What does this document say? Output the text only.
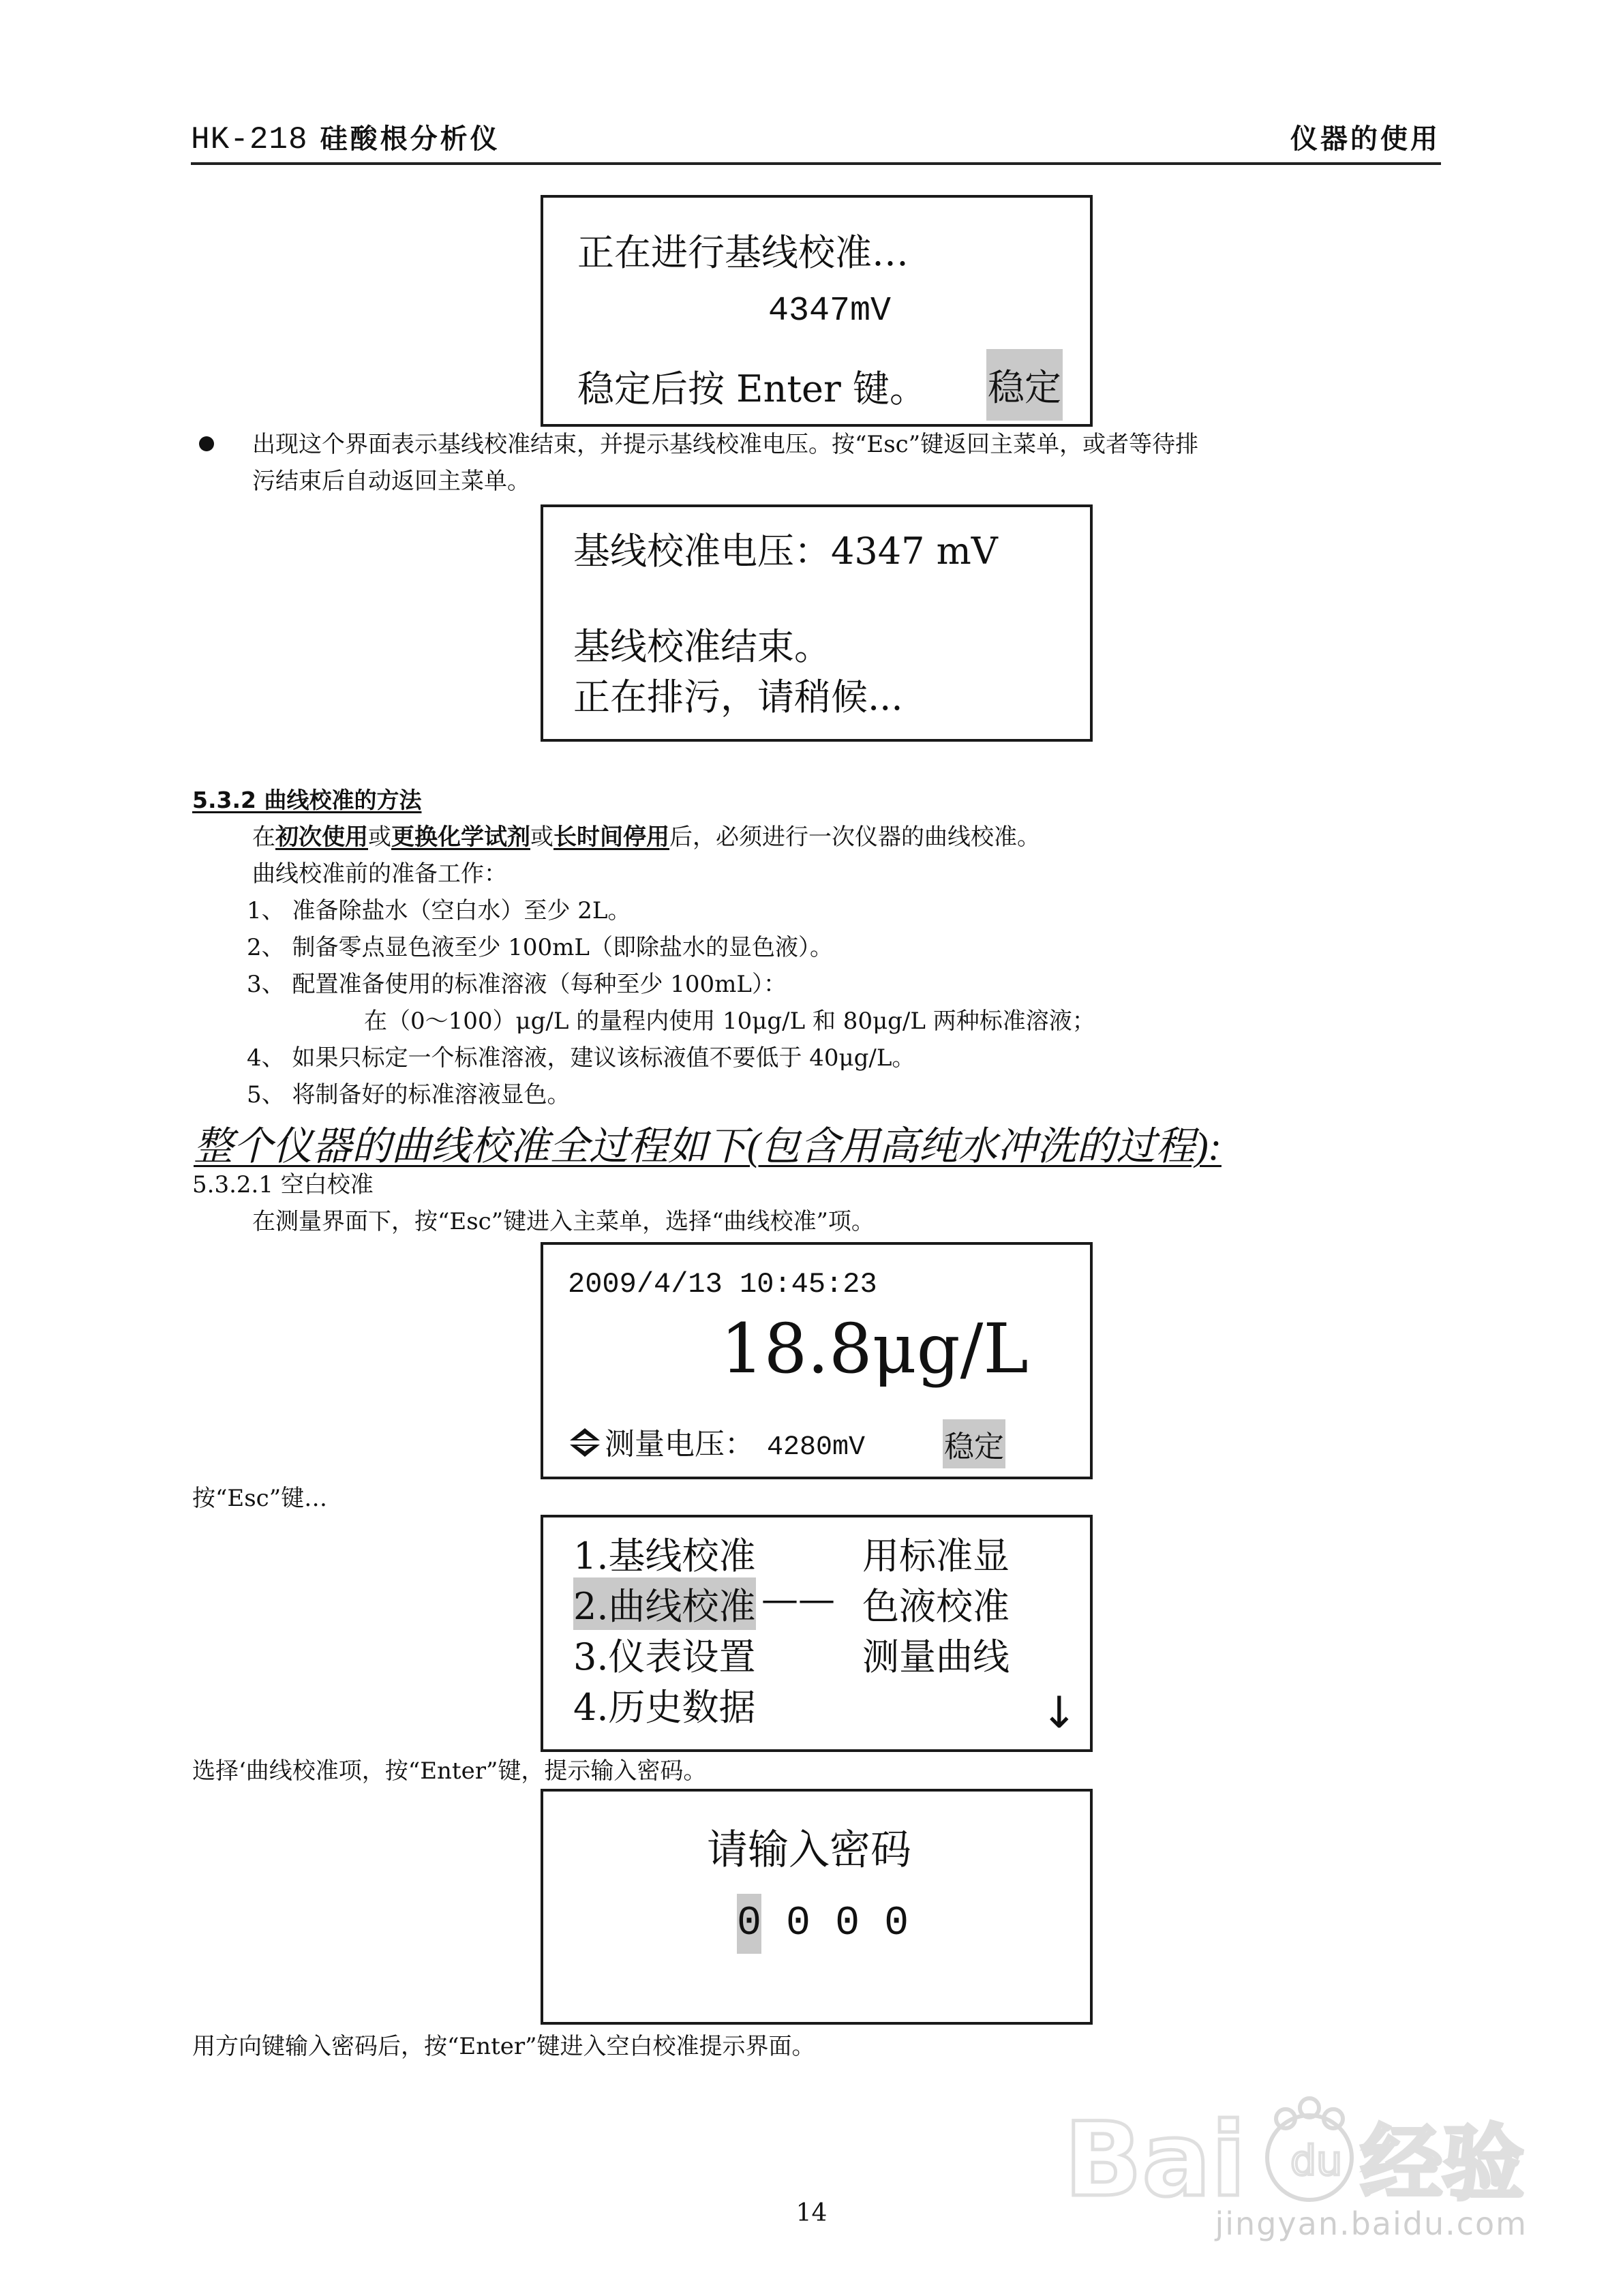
HK-218 硅酸根分析仪	仪器的使用
正在进行基线校准…
4347mV
稳定后按 Enter 键。 稳定
出现这个界面表示基线校准结束，并提示基线校准电压。按“Esc”键返回主菜单，或者等待排
污结束后自动返回主菜单。
基线校准电压：4347 mV
基线校准结束。
正在排污，请稍候...
5.3.2 曲线校准的方法
在初次使用或更换化学试剂或长时间停用后，必须进行一次仪器的曲线校准。
曲线校准前的准备工作：
1、 准备除盐水（空白水）至少 2L。
2、 制备零点显色液至少 100mL（即除盐水的显色液）。
3、 配置准备使用的标准溶液（每种至少 100mL）：
在（0～100）μg/L 的量程内使用 10μg/L 和 80μg/L 两种标准溶液；
4、 如果只标定一个标准溶液，建议该标液值不要低于 40μg/L。
5、 将制备好的标准溶液显色。
整个仪器的曲线校准全过程如下(包含用高纯水冲洗的过程):
5.3.2.1 空白校准
在测量界面下，按“Esc”键进入主菜单，选择“曲线校准”项。
2009/4/13 10:45:23
18.8μg/L
测量电压： 4280mV	稳定
按“Esc”键…
1.基线校准
2.曲线校准 ——
3.仪表设置
4.历史数据
用标准显
色液校准
测量曲线
↓
选择‘曲线校准项，按“Enter”键，提示输入密码。
请输入密码
0 0 0 0
用方向键输入密码后，按“Enter”键进入空白校准提示界面。
14	Bai du 经验
jingyan.baidu.com
